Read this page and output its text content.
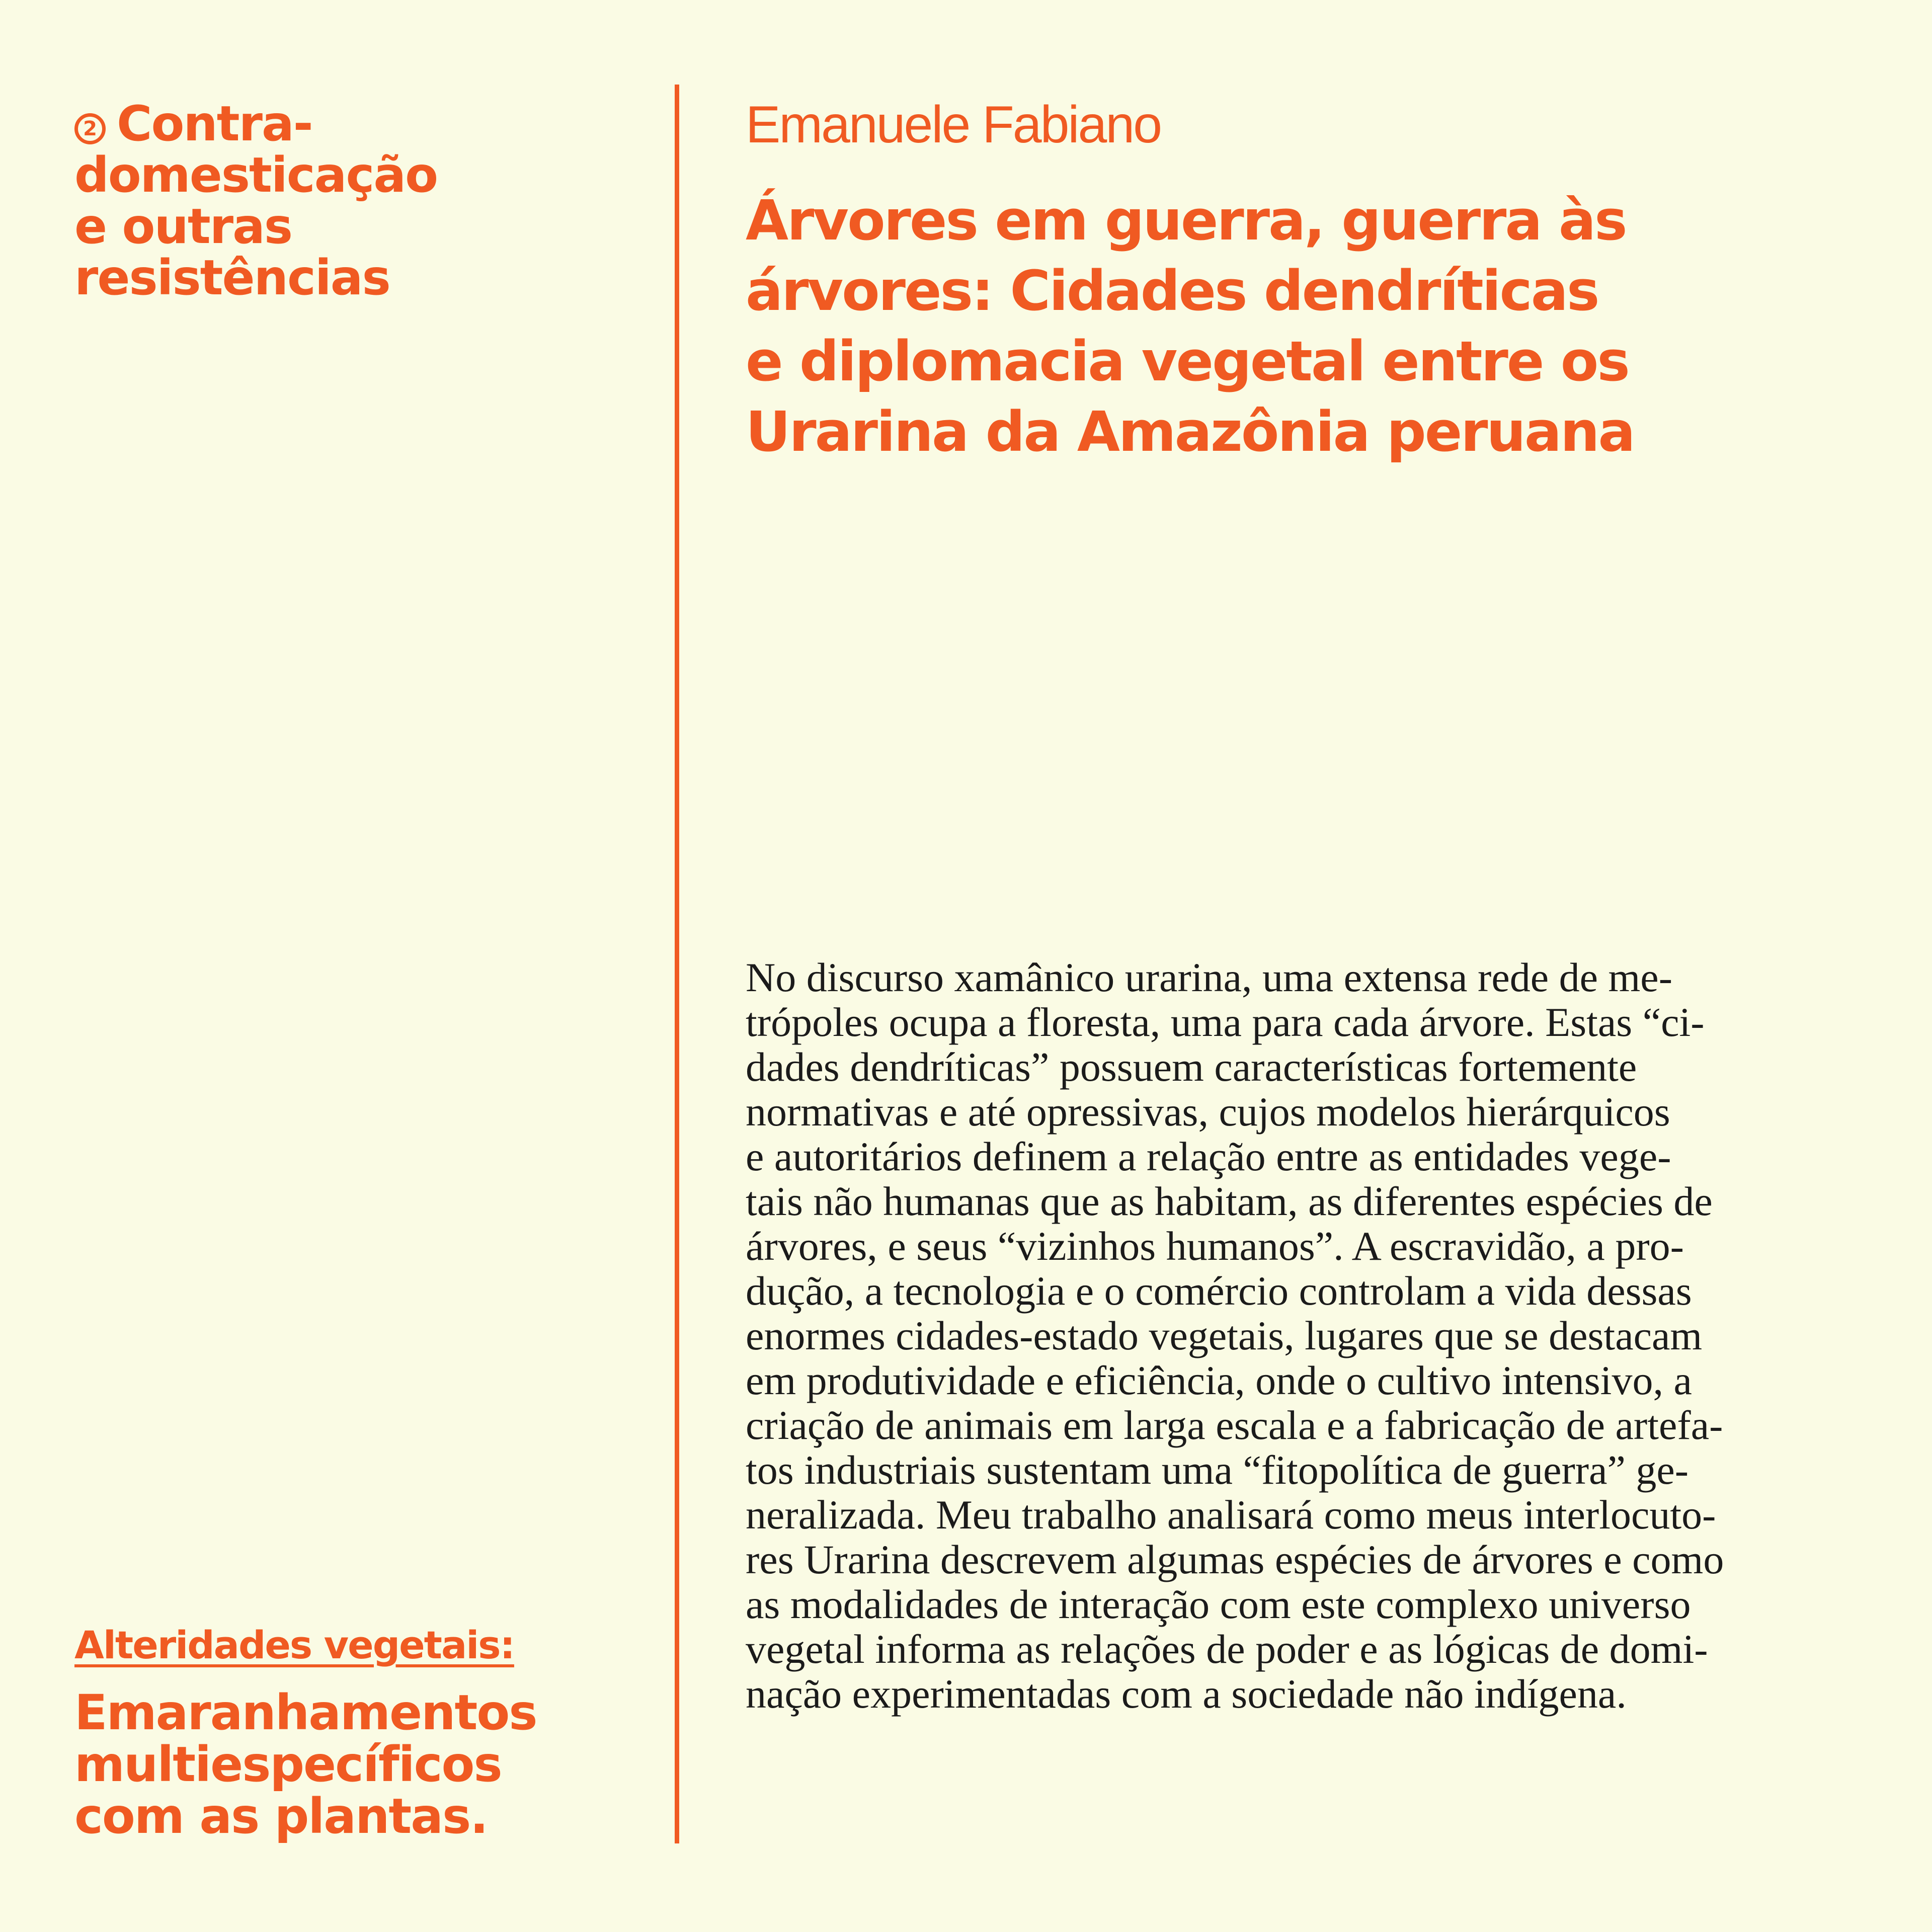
2 Contra-
domesticação
e outras
resistências
Emanuele Fabiano
Árvores em guerra, guerra às
árvores: Cidades dendríticas
e diplomacia vegetal entre os
Urarina da Amazônia peruana
No discurso xamânico urarina, uma extensa rede de me-
trópoles ocupa a floresta, uma para cada árvore. Estas “ci-
dades dendríticas” possuem características fortemente
normativas e até opressivas, cujos modelos hierárquicos
e autoritários definem a relação entre as entidades vege-
tais não humanas que as habitam, as diferentes espécies de
árvores, e seus “vizinhos humanos”. A escravidão, a pro-
dução, a tecnologia e o comércio controlam a vida dessas
enormes cidades-estado vegetais, lugares que se destacam
em produtividade e eficiência, onde o cultivo intensivo, a
criação de animais em larga escala e a fabricação de artefa-
tos industriais sustentam uma “fitopolítica de guerra” ge-
neralizada. Meu trabalho analisará como meus interlocuto-
res Urarina descrevem algumas espécies de árvores e como
as modalidades de interação com este complexo universo
vegetal informa as relações de poder e as lógicas de domi-
nação experimentadas com a sociedade não indígena.
Alteridades vegetais:
Emaranhamentos
multiespecíficos
com as plantas.
